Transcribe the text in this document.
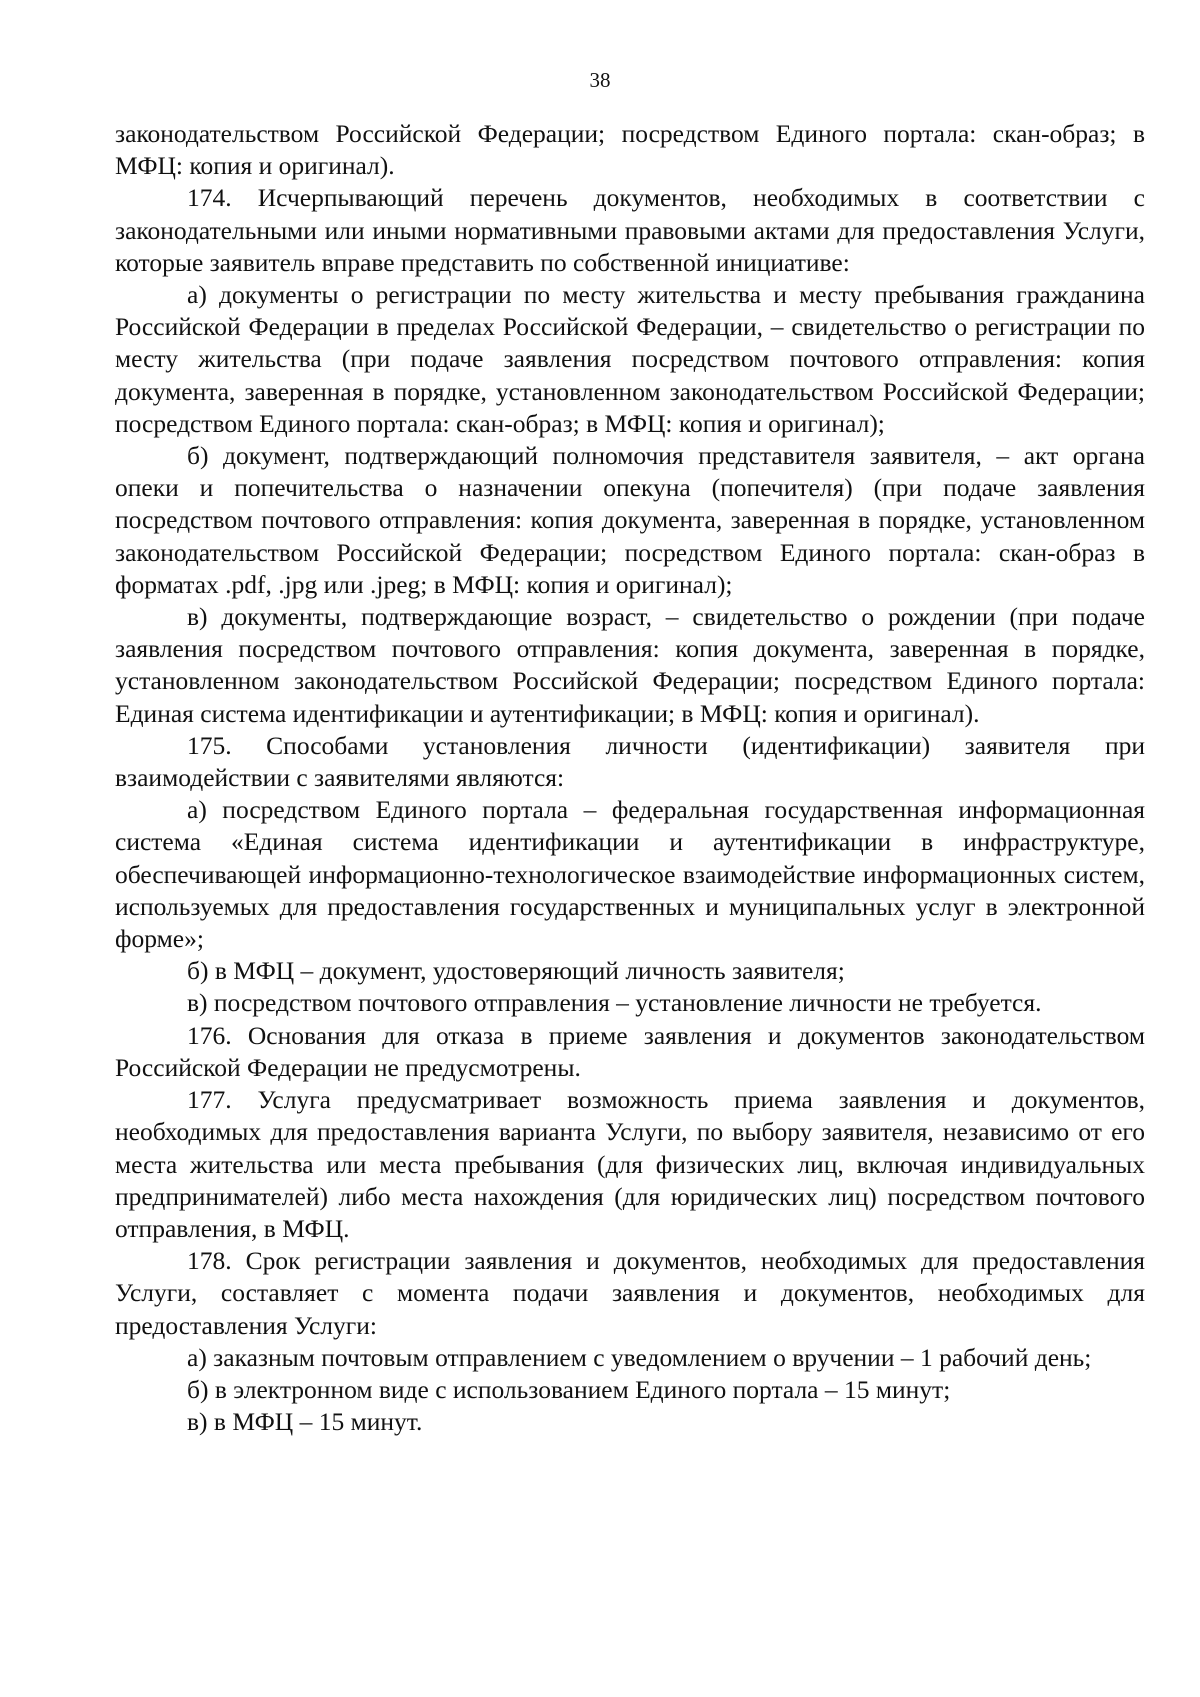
38

законодательством Российской Федерации; посредством Единого портала: скан-образ; в МФЦ: копия и оригинал).

174. Исчерпывающий перечень документов, необходимых в соответствии с законодательными или иными нормативными правовыми актами для предоставления Услуги, которые заявитель вправе представить по собственной инициативе:

а) документы о регистрации по месту жительства и месту пребывания гражданина Российской Федерации в пределах Российской Федерации, – свидетельство о регистрации по месту жительства (при подаче заявления посредством почтового отправления: копия документа, заверенная в порядке, установленном законодательством Российской Федерации; посредством Единого портала: скан-образ; в МФЦ: копия и оригинал);

б) документ, подтверждающий полномочия представителя заявителя, – акт органа опеки и попечительства о назначении опекуна (попечителя) (при подаче заявления посредством почтового отправления: копия документа, заверенная в порядке, установленном законодательством Российской Федерации; посредством Единого портала: скан-образ в форматах .pdf, .jpg или .jpeg; в МФЦ: копия и оригинал);

в) документы, подтверждающие возраст, – свидетельство о рождении (при подаче заявления посредством почтового отправления: копия документа, заверенная в порядке, установленном законодательством Российской Федерации; посредством Единого портала: Единая система идентификации и аутентификации; в МФЦ: копия и оригинал).

175. Способами установления личности (идентификации) заявителя при взаимодействии с заявителями являются:

а) посредством Единого портала – федеральная государственная информационная система «Единая система идентификации и аутентификации в инфраструктуре, обеспечивающей информационно-технологическое взаимодействие информационных систем, используемых для предоставления государственных и муниципальных услуг в электронной форме»;

б) в МФЦ – документ, удостоверяющий личность заявителя;

в) посредством почтового отправления – установление личности не требуется.

176. Основания для отказа в приеме заявления и документов законодательством Российской Федерации не предусмотрены.

177. Услуга предусматривает возможность приема заявления и документов, необходимых для предоставления варианта Услуги, по выбору заявителя, независимо от его места жительства или места пребывания (для физических лиц, включая индивидуальных предпринимателей) либо места нахождения (для юридических лиц) посредством почтового отправления, в МФЦ.

178. Срок регистрации заявления и документов, необходимых для предоставления Услуги, составляет с момента подачи заявления и документов, необходимых для предоставления Услуги:

а) заказным почтовым отправлением с уведомлением о вручении – 1 рабочий день;

б) в электронном виде с использованием Единого портала – 15 минут;

в) в МФЦ – 15 минут.
